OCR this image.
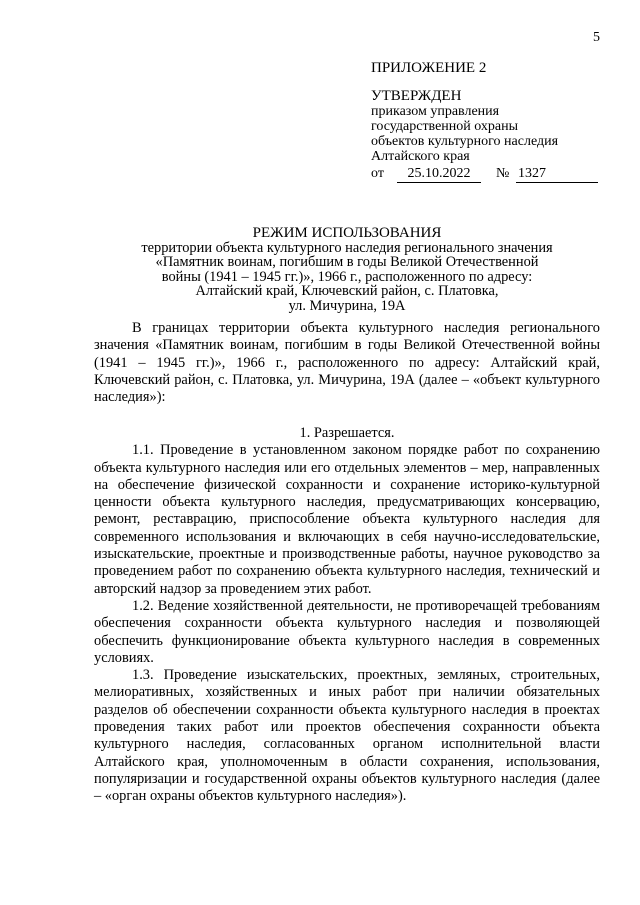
5
ПРИЛОЖЕНИЕ 2
УТВЕРЖДЕН
приказом управления
государственной охраны
объектов культурного наследия
Алтайского края
от	25.10.2022	№ 1327
РЕЖИМ ИСПОЛЬЗОВАНИЯ
территории объекта культурного наследия регионального значения
«Памятник воинам, погибшим в годы Великой Отечественной
войны (1941 – 1945 гг.)», 1966 г., расположенного по адресу:
Алтайский край, Ключевский район, с. Платовка,
ул. Мичурина, 19А

В границах территории объекта культурного наследия регионального значения «Памятник воинам, погибшим в годы Великой Отечественной войны (1941 – 1945 гг.)», 1966 г., расположенного по адресу: Алтайский край, Ключевский район, с. Платовка, ул. Мичурина, 19А (далее – «объект культурного наследия»):

1. Разрешается.

1.1. Проведение в установленном законом порядке работ по сохранению объекта культурного наследия или его отдельных элементов – мер, направленных на обеспечение физической сохранности и сохранение историко-культурной ценности объекта культурного наследия, предусматривающих консервацию, ремонт, реставрацию, приспособление объекта культурного наследия для современного использования и включающих в себя научно-исследовательские, изыскательские, проектные и производственные работы, научное руководство за проведением работ по сохранению объекта культурного наследия, технический и авторский надзор за проведением этих работ.

1.2. Ведение хозяйственной деятельности, не противоречащей требованиям обеспечения сохранности объекта культурного наследия и позволяющей обеспечить функционирование объекта культурного наследия в современных условиях.

1.3. Проведение изыскательских, проектных, земляных, строительных, мелиоративных, хозяйственных и иных работ при наличии обязательных разделов об обеспечении сохранности объекта культурного наследия в проектах проведения таких работ или проектов обеспечения сохранности объекта культурного наследия, согласованных органом исполнительной власти Алтайского края, уполномоченным в области сохранения, использования, популяризации и государственной охраны объектов культурного наследия (далее – «орган охраны объектов культурного наследия»).
